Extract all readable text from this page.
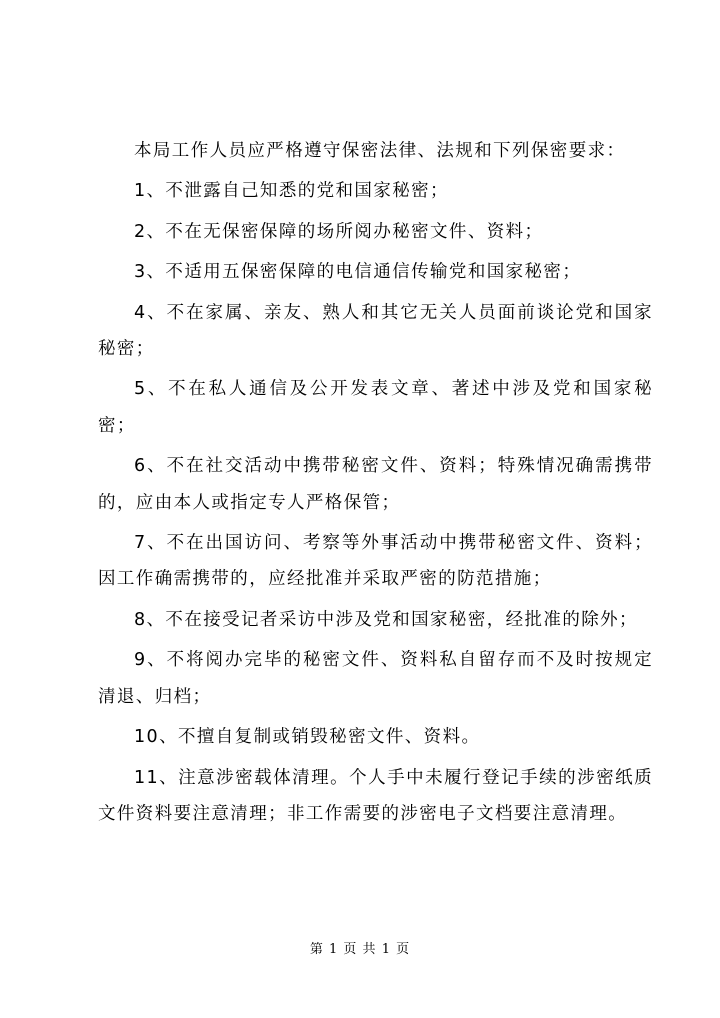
本局工作人员应严格遵守保密法律、法规和下列保密要求：

1、不泄露自己知悉的党和国家秘密；

2、不在无保密保障的场所阅办秘密文件、资料；

3、不适用五保密保障的电信通信传输党和国家秘密；

4、不在家属、亲友、熟人和其它无关人员面前谈论党和国家秘密；

5、不在私人通信及公开发表文章、著述中涉及党和国家秘密；

6、不在社交活动中携带秘密文件、资料；特殊情况确需携带的，应由本人或指定专人严格保管；

7、不在出国访问、考察等外事活动中携带秘密文件、资料；因工作确需携带的，应经批准并采取严密的防范措施；

8、不在接受记者采访中涉及党和国家秘密，经批准的除外；

9、不将阅办完毕的秘密文件、资料私自留存而不及时按规定清退、归档；

10、不擅自复制或销毁秘密文件、资料。

11、注意涉密载体清理。个人手中未履行登记手续的涉密纸质文件资料要注意清理；非工作需要的涉密电子文档要注意清理。

第 1 页 共 1 页
